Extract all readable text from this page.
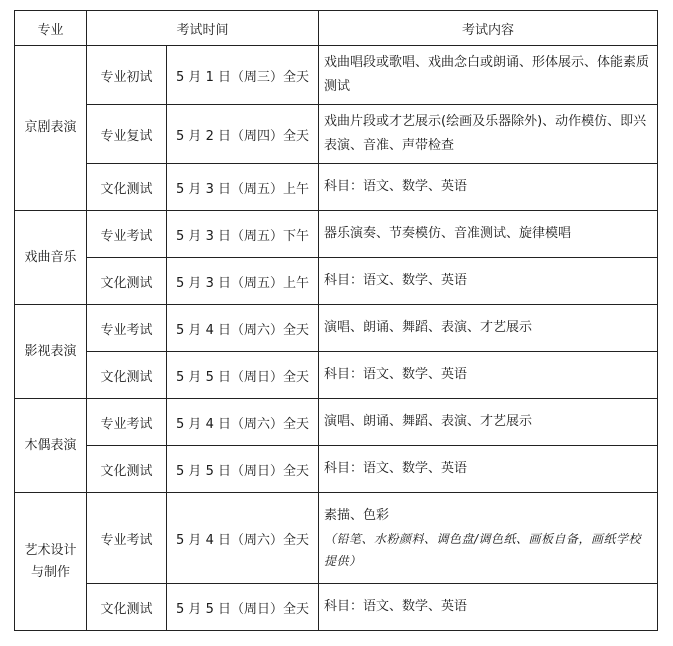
专业	考试时间		考试内容
京剧表演	专业初试	5 月 1 日（周三）全天	戏曲唱段或歌唱、戏曲念白或朗诵、形体展示、体能素质测试
	专业复试	5 月 2 日（周四）全天	戏曲片段或才艺展示(绘画及乐器除外)、动作模仿、即兴表演、音准、声带检查
	文化测试	5 月 3 日（周五）上午	科目：语文、数学、英语
戏曲音乐	专业考试	5 月 3 日（周五）下午	器乐演奏、节奏模仿、音准测试、旋律模唱
	文化测试	5 月 3 日（周五）上午	科目：语文、数学、英语
影视表演	专业考试	5 月 4 日（周六）全天	演唱、朗诵、舞蹈、表演、才艺展示
	文化测试	5 月 5 日（周日）全天	科目：语文、数学、英语
木偶表演	专业考试	5 月 4 日（周六）全天	演唱、朗诵、舞蹈、表演、才艺展示
	文化测试	5 月 5 日（周日）全天	科目：语文、数学、英语
艺术设计
与制作	专业考试	5 月 4 日（周六）全天	素描、色彩
（铅笔、水粉颜料、调色盘/调色纸、画板自备，画纸学校提供）

	文化测试	5 月 5 日（周日）全天	科目：语文、数学、英语
